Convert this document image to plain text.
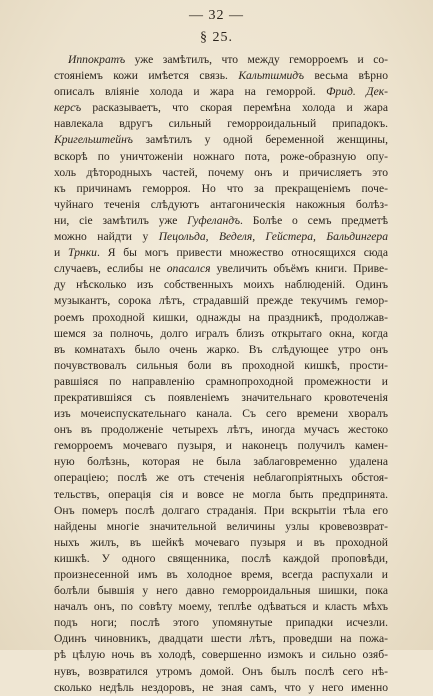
— 32 —
§ 25.
Иппократъ уже замѣтилъ, что между геморроемъ и со-
стояніемъ кожи имѣется связь. Кальтшмидъ весьма вѣрно
описалъ вліяніе холода и жара на геморрой. Фрид. Дек-
керсъ расказываетъ, что скорая перемѣна холода и жара
навлекала вдругъ сильный геморроидальный припадокъ.
Кригельштейнъ замѣтилъ у одной беременной женщины,
вскорѣ по уничтоженіи ножнаго пота, роже-образную опу-
холь дѣтородныхъ частей, почему онъ и причисляетъ это
къ причинамъ геморроя. Но что за прекращеніемъ поче-
чуйнаго теченія слѣдуютъ антагоническія накожныя болѣз-
ни, сіе замѣтилъ уже Гуфеландъ. Болѣе о семъ предметѣ
можно найдти у Пецольда, Веделя, Гейстера, Бальдингера
и Трнки. Я бы могъ привести множество относящихся сюда
случаевъ, еслибы не опасался увеличить объёмъ книги. Приве-
ду нѣсколько изъ собственныхъ моихъ наблюденій. Одинъ
музыкантъ, сорока лѣтъ, страдавшій прежде текучимъ гемор-
роемъ проходной кишки, однажды на праздникѣ, продолжав-
шемся за полночь, долго игралъ близъ открытаго окна, когда
въ комнатахъ было очень жарко. Въ слѣдующее утро онъ
почувствовалъ сильныя боли въ проходной кишкѣ, прости-
равшіяся по направленію срамнопроходной промежности и
прекратившіяся съ появленіемъ значительнаго кровотеченія
изъ мочеиспускательнаго канала. Съ сего времени хворалъ
онъ въ продолженіе четырехъ лѣтъ, иногда мучасъ жестоко
геморроемъ мочеваго пузыря, и наконецъ получилъ камен-
ную болѣзнь, которая не была заблаговременно удалена
операціею; послѣ же отъ стеченія неблагопріятныхъ обстоя-
тельствъ, операція сія и вовсе не могла быть предпринята.
Онъ померъ послѣ долгаго страданія. При вскрытіи тѣла его
найдены многіе значительной величины узлы кровевозврат-
ныхъ жилъ, въ шейкѣ мочеваго пузыря и въ проходной
кишкѣ. У одного священника, послѣ каждой проповѣди,
произнесенной имъ въ холодное время, всегда распухали и
болѣли бывшія у него давно геморроидальныя шишки, пока
началъ онъ, по совѣту моему, теплѣе одѣваться и класть мѣхъ
подъ ноги; послѣ этого упомянутые припадки исчезли.
Одинъ чиновникъ, двадцати шести лѣтъ, проведши на пожа-
рѣ цѣлую ночь въ холодѣ, совершенно измокъ и сильно озяб-
нувъ, возвратился утромъ домой. Онъ былъ послѣ сего нѣ-
сколько недѣль нездоровъ, не зная самъ, что у него именно
